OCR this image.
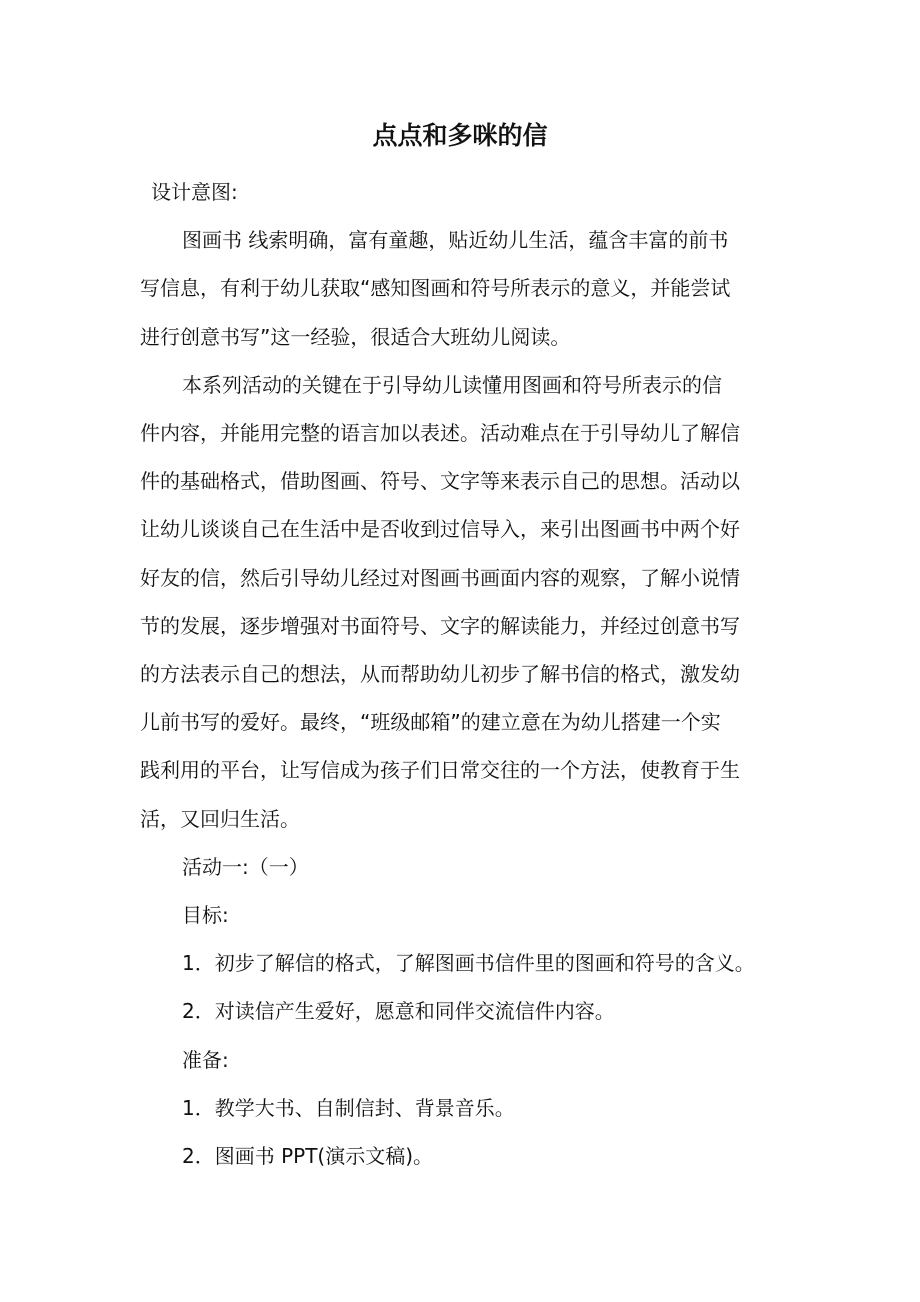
点点和多咪的信

设计意图:

图画书 线索明确，富有童趣，贴近幼儿生活，蕴含丰富的前书

写信息，有利于幼儿获取“感知图画和符号所表示的意义，并能尝试

进行创意书写”这一经验，很适合大班幼儿阅读。

本系列活动的关键在于引导幼儿读懂用图画和符号所表示的信

件内容，并能用完整的语言加以表述。活动难点在于引导幼儿了解信

件的基础格式，借助图画、符号、文字等来表示自己的思想。活动以

让幼儿谈谈自己在生活中是否收到过信导入，来引出图画书中两个好

好友的信，然后引导幼儿经过对图画书画面内容的观察，了解小说情

节的发展，逐步增强对书面符号、文字的解读能力，并经过创意书写

的方法表示自己的想法，从而帮助幼儿初步了解书信的格式，激发幼

儿前书写的爱好。最终，“班级邮箱”的建立意在为幼儿搭建一个实

践利用的平台，让写信成为孩子们日常交往的一个方法，使教育于生

活，又回归生活。

活动一:（一）

目标:

1．初步了解信的格式，了解图画书信件里的图画和符号的含义。

2．对读信产生爱好，愿意和同伴交流信件内容。

准备:

1．教学大书、自制信封、背景音乐。

2．图画书 PPT(演示文稿)。
